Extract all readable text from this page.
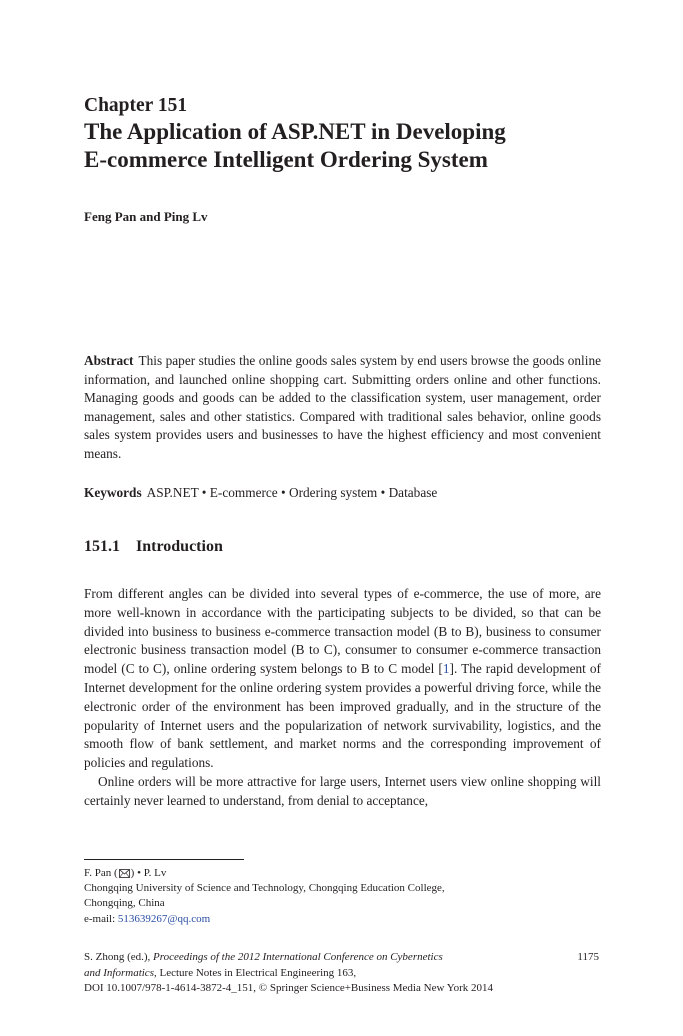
Chapter 151
The Application of ASP.NET in Developing
E-commerce Intelligent Ordering System
Feng Pan and Ping Lv
Abstract This paper studies the online goods sales system by end users browse the goods online information, and launched online shopping cart. Submitting orders online and other functions. Managing goods and goods can be added to the classification system, user management, order management, sales and other statistics. Compared with traditional sales behavior, online goods sales system provides users and businesses to have the highest efficiency and most convenient means.
Keywords ASP.NET • E-commerce • Ordering system • Database
151.1 Introduction

From different angles can be divided into several types of e-commerce, the use of more, are more well-known in accordance with the participating subjects to be divided, so that can be divided into business to business e-commerce transaction model (B to B), business to consumer electronic business transaction model (B to C), consumer to consumer e-commerce transaction model (C to C), online ordering system belongs to B to C model [1]. The rapid development of Internet development for the online ordering system provides a powerful driving force, while the electronic order of the environment has been improved gradually, and in the structure of the popularity of Internet users and the popularization of network survivability, logistics, and the smooth flow of bank settlement, and market norms and the corresponding improvement of policies and regulations.

Online orders will be more attractive for large users, Internet users view online shopping will certainly never learned to understand, from denial to acceptance,

F. Pan ( ) • P. Lv
Chongqing University of Science and Technology, Chongqing Education College,
Chongqing, China
e-mail: 513639267@qq.com
S. Zhong (ed.), Proceedings of the 2012 International Conference on Cybernetics	1175
and Informatics, Lecture Notes in Electrical Engineering 163,
DOI 10.1007/978-1-4614-3872-4_151, © Springer Science+Business Media New York 2014
